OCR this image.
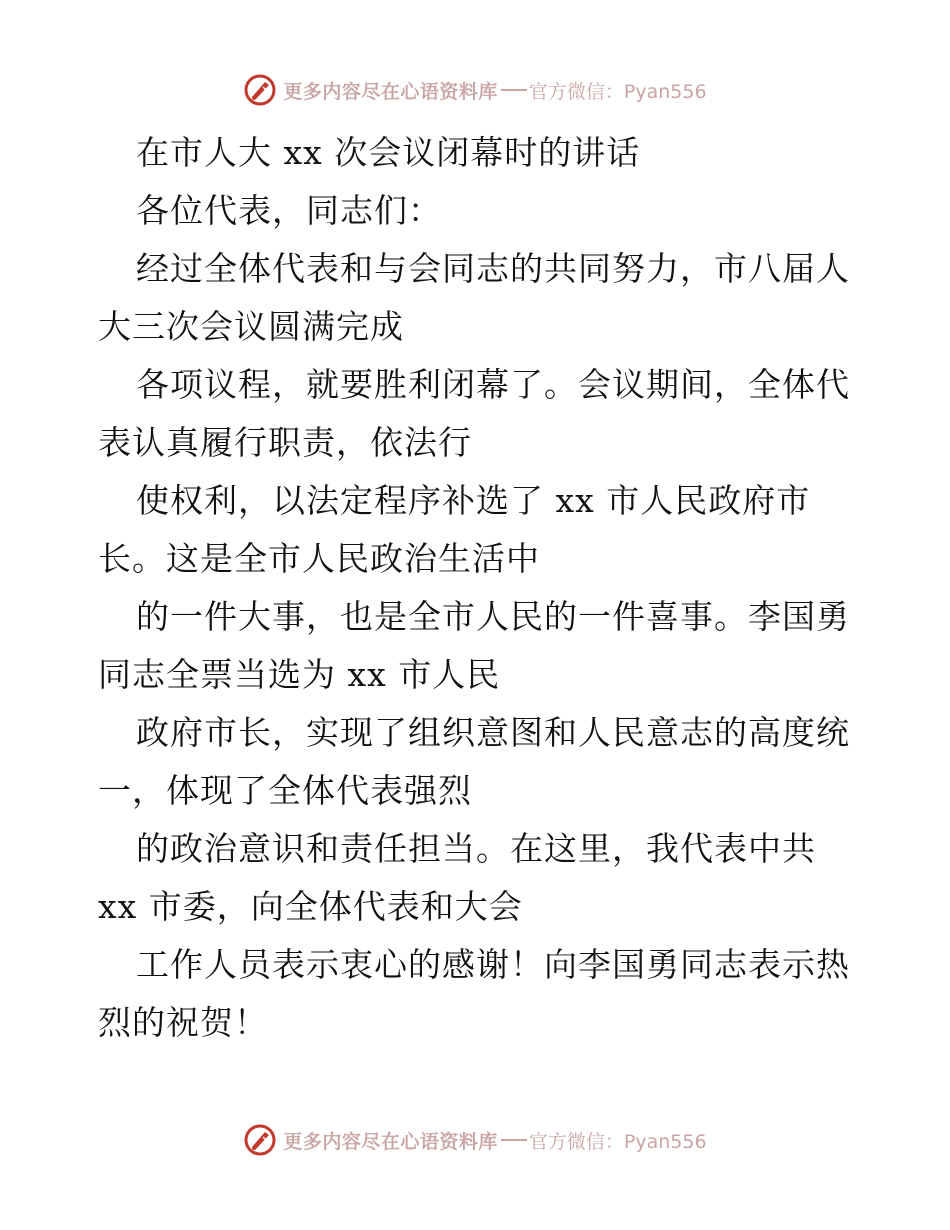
更多内容尽在心语资料库 官方微信：Pyan556
在市人大 xx 次会议闭幕时的讲话
各位代表，同志们：
经过全体代表和与会同志的共同努力，市八届人
大三次会议圆满完成
各项议程，就要胜利闭幕了。会议期间，全体代
表认真履行职责，依法行
使权利，以法定程序补选了 xx 市人民政府市
长。这是全市人民政治生活中
的一件大事，也是全市人民的一件喜事。李国勇
同志全票当选为 xx 市人民
政府市长，实现了组织意图和人民意志的高度统
一，体现了全体代表强烈
的政治意识和责任担当。在这里，我代表中共
xx 市委，向全体代表和大会
工作人员表示衷心的感谢！向李国勇同志表示热
烈的祝贺！
更多内容尽在心语资料库 官方微信：Pyan556
